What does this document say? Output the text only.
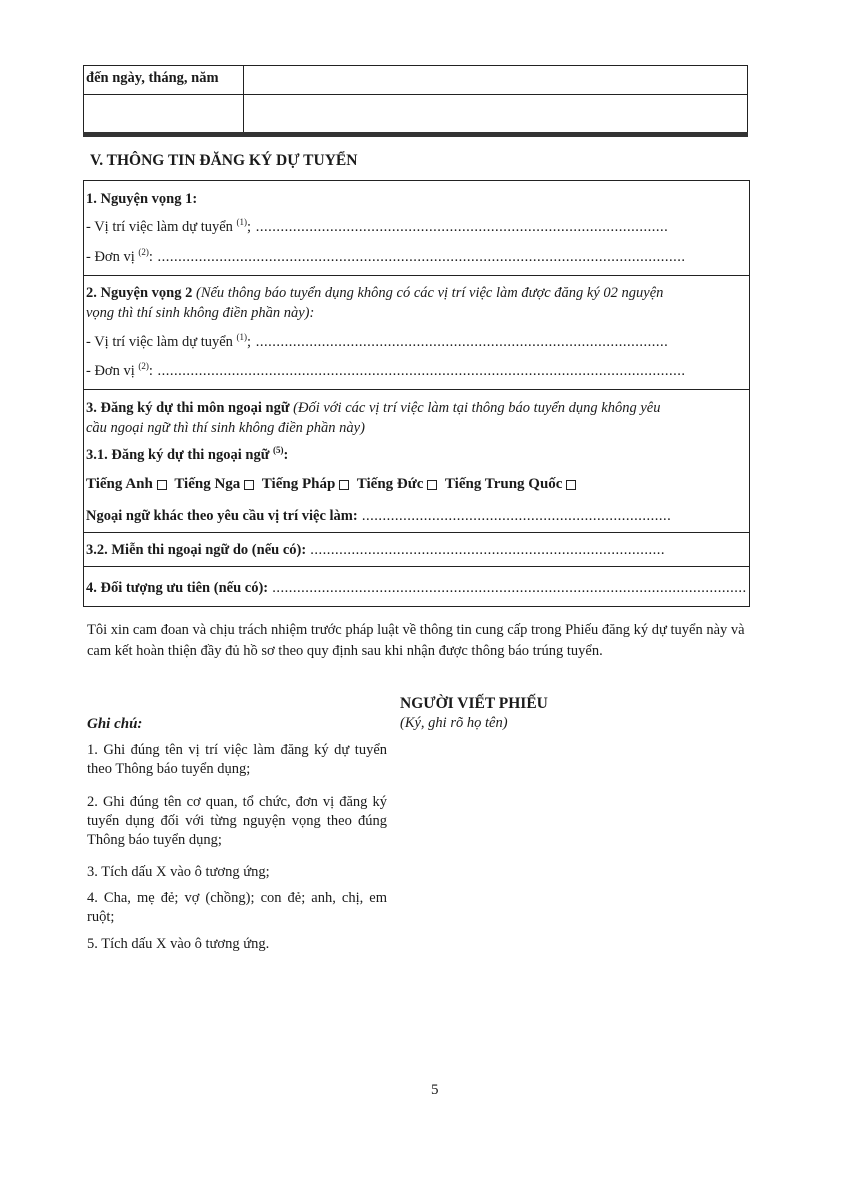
đến ngày, tháng, năm
V. THÔNG TIN ĐĂNG KÝ DỰ TUYỂN
1. Nguyện vọng 1:
- Vị trí việc làm dự tuyển $^{(1)}$; ....................................................................................................
- Đơn vị $^{(2)}$: ................................................................................................................................
2. Nguyện vọng 2 (Nếu thông báo tuyển dụng không có các vị trí việc làm được đăng ký 02 nguyện
vọng thì thí sinh không điền phần này):
- Vị trí việc làm dự tuyển $^{(1)}$; ....................................................................................................
- Đơn vị $^{(2)}$: ................................................................................................................................
3. Đăng ký dự thi môn ngoại ngữ (Đối với các vị trí việc làm tại thông báo tuyển dụng không yêu
cầu ngoại ngữ thì thí sinh không điền phần này)
3.1. Đăng ký dự thi ngoại ngữ $^{(5)}$:
Tiếng Anh Tiếng Nga Tiếng Pháp Tiếng Đức Tiếng Trung Quốc
Ngoại ngữ khác theo yêu cầu vị trí việc làm: ...........................................................................
3.2. Miễn thi ngoại ngữ do (nếu có): ......................................................................................
4. Đối tượng ưu tiên (nếu có): ...................................................................................................................
Tôi xin cam đoan và chịu trách nhiệm trước pháp luật về thông tin cung cấp trong Phiếu đăng ký dự tuyển này và cam kết hoàn thiện đầy đủ hồ sơ theo quy định sau khi nhận được thông báo trúng tuyển.
NGƯỜI VIẾT PHIẾU
(Ký, ghi rõ họ tên)
Ghi chú:
1. Ghi đúng tên vị trí việc làm đăng ký dự tuyển theo Thông báo tuyển dụng;
2. Ghi đúng tên cơ quan, tổ chức, đơn vị đăng ký tuyển dụng đối với từng nguyện vọng theo đúng Thông báo tuyển dụng;
3. Tích dấu X vào ô tương ứng;
4. Cha, mẹ đẻ; vợ (chồng); con đẻ; anh, chị, em ruột;
5. Tích dấu X vào ô tương ứng.
5
